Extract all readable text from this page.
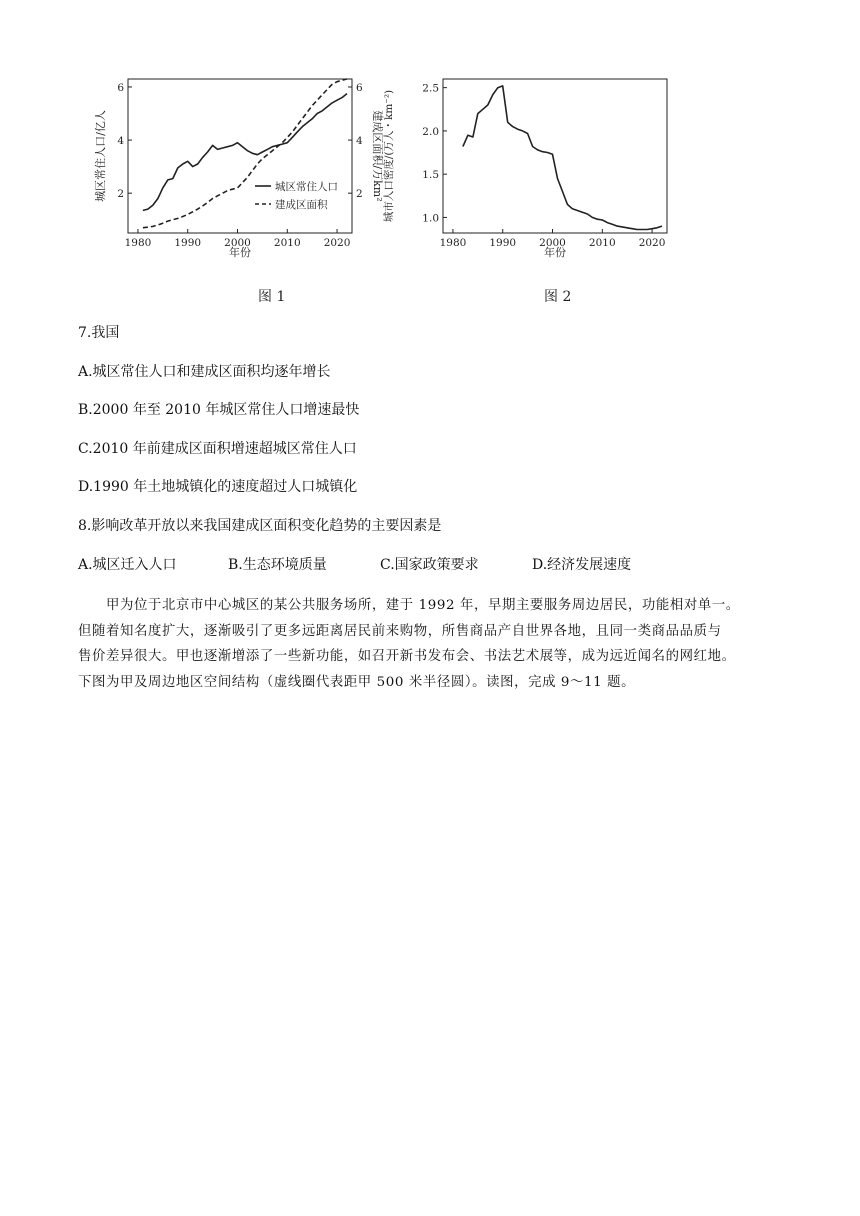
1980 1990 2000 2010 2020
2
4
6
2
4
6
年份
城区常住人口/亿人	建成区面积/万km²
城区常住人口
建成区面积
图 1
1980 1990 2000 2010 2020
1.0
1.5
2.0
2.5
年份
城市人口密度/(万人・km⁻²)
图 2
7.我国
A.城区常住人口和建成区面积均逐年增长
B.2000 年至 2010 年城区常住人口增速最快
C.2010 年前建成区面积增速超城区常住人口
D.1990 年土地城镇化的速度超过人口城镇化
8.影响改革开放以来我国建成区面积变化趋势的主要因素是
A.城区迁入人口	B.生态环境质量	C.国家政策要求	D.经济发展速度

甲为位于北京市中心城区的某公共服务场所，建于 1992 年，早期主要服务周边居民，功能相对单一。

但随着知名度扩大，逐渐吸引了更多远距离居民前来购物，所售商品产自世界各地，且同一类商品品质与

售价差异很大。甲也逐渐增添了一些新功能，如召开新书发布会、书法艺术展等，成为远近闻名的网红地。

下图为甲及周边地区空间结构（虚线圈代表距甲 500 米半径圆）。读图，完成 9～11 题。
